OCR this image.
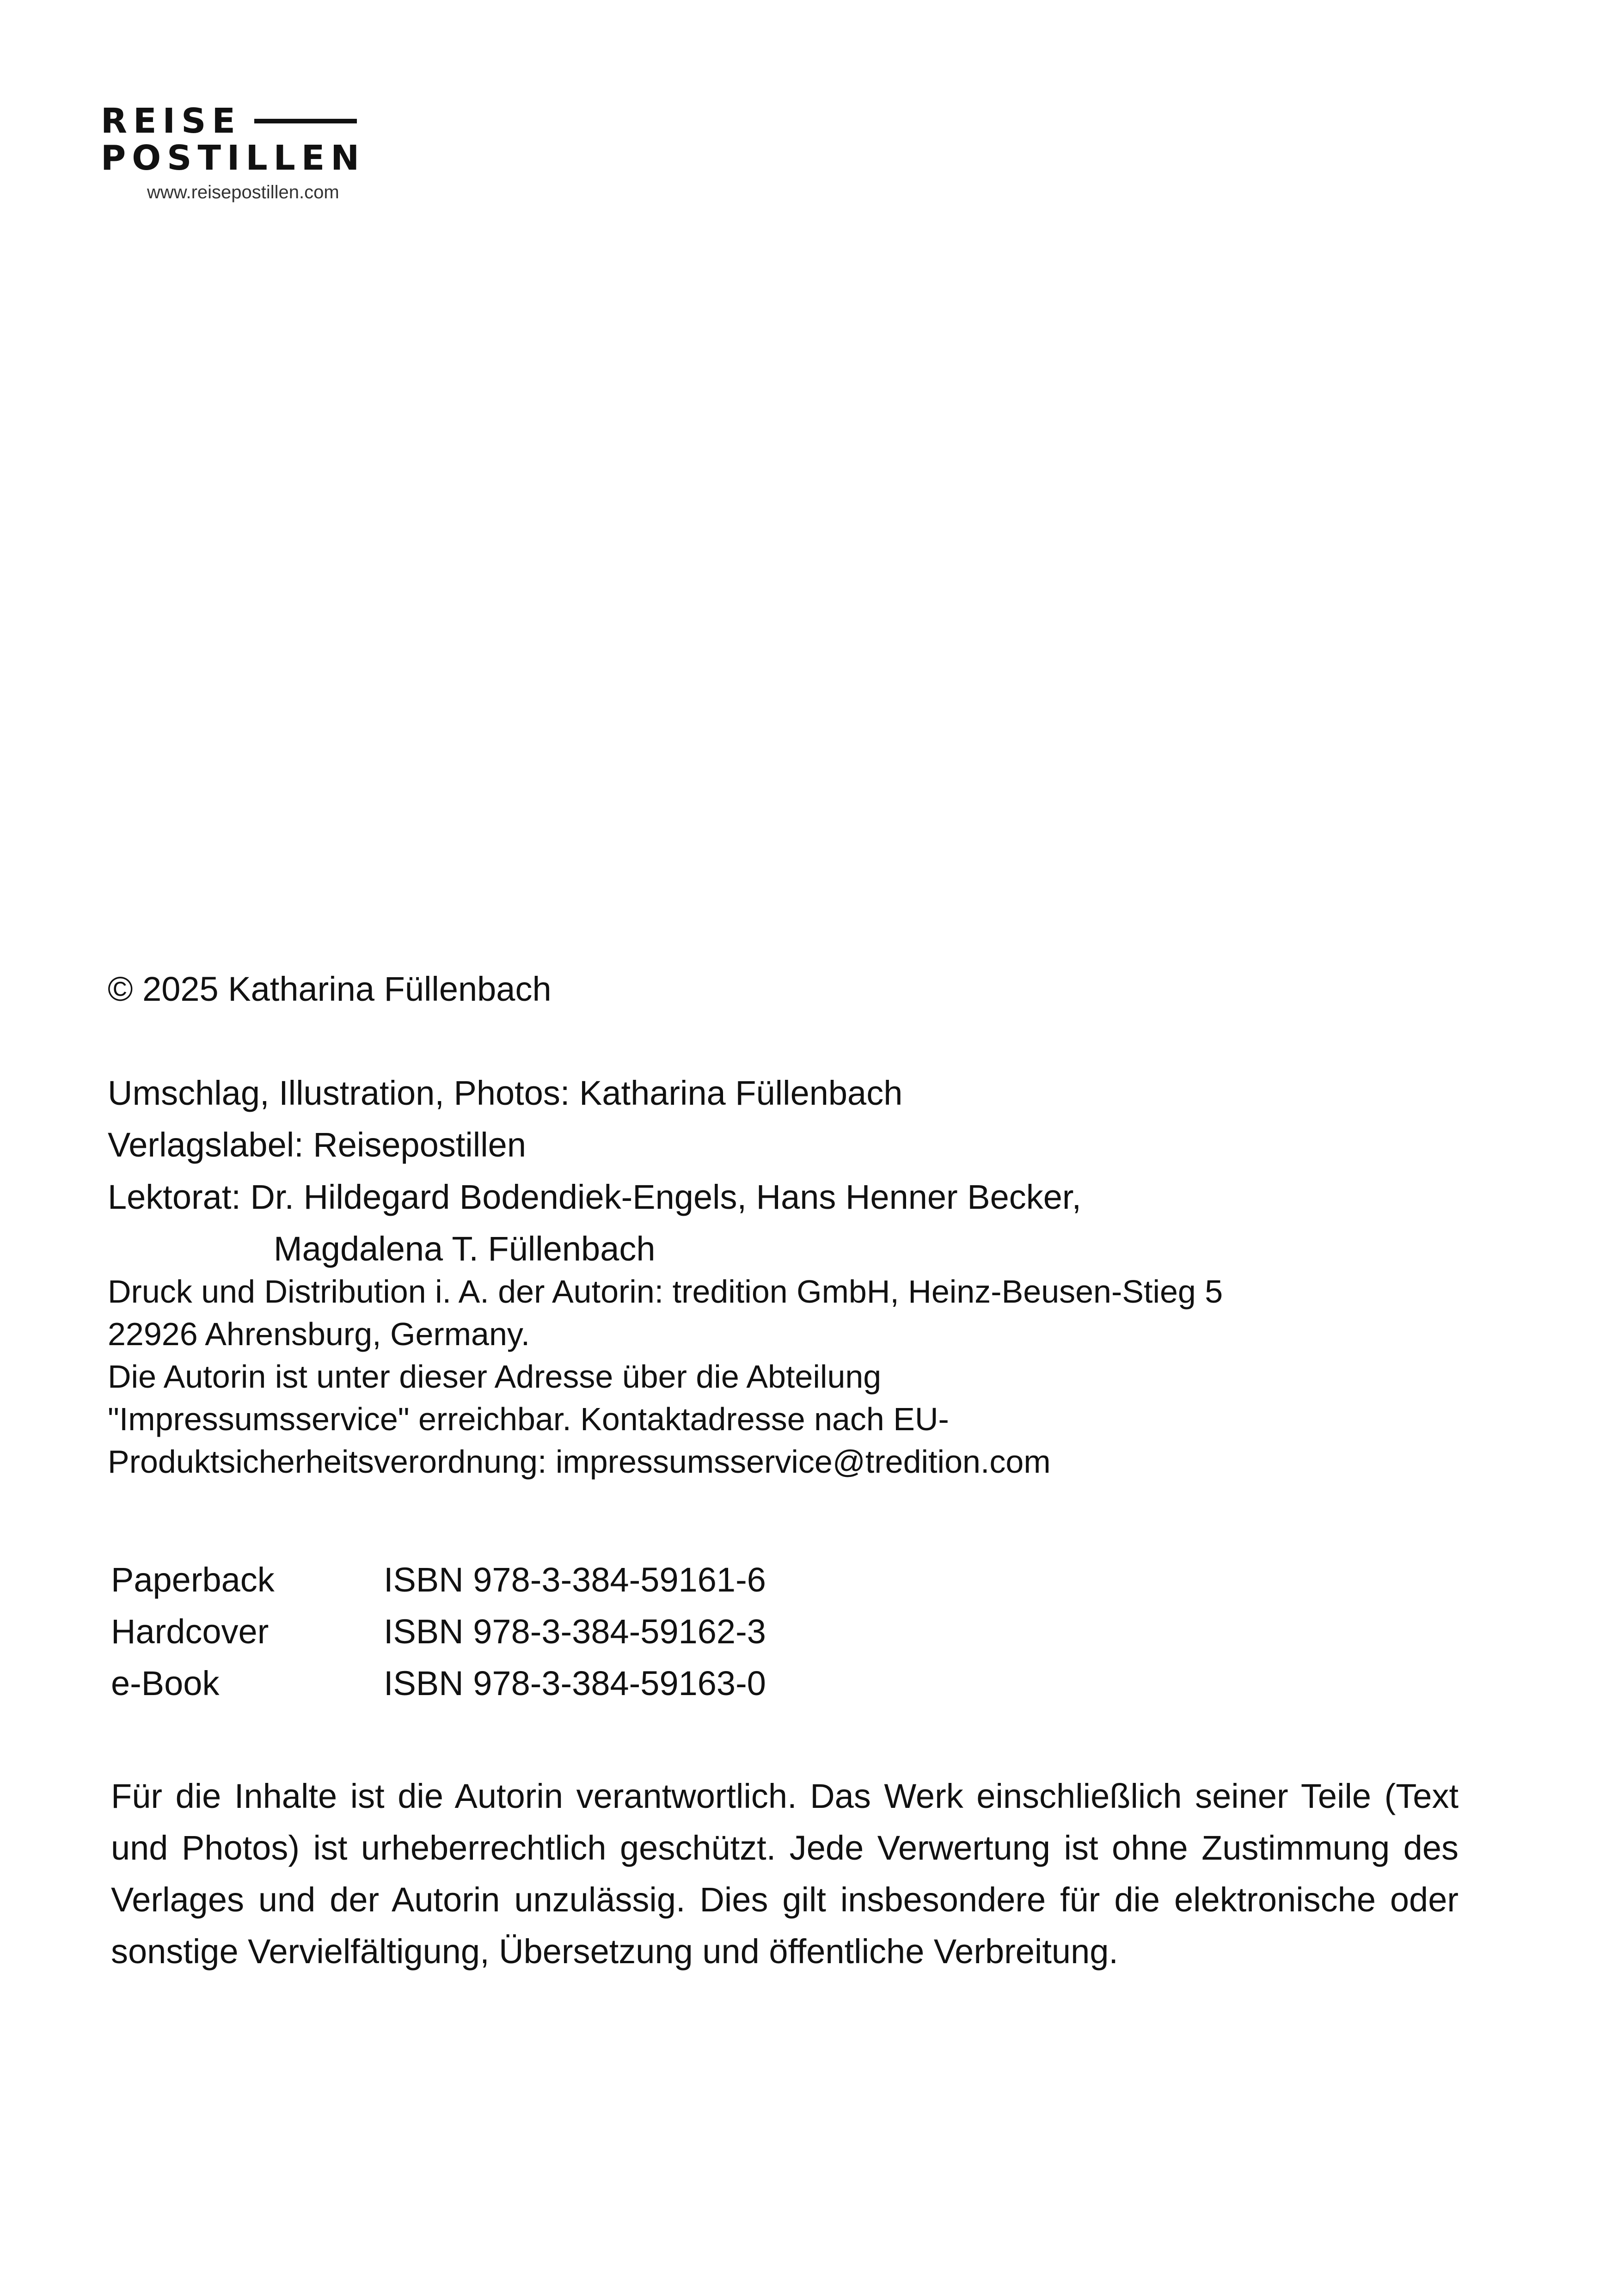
REISE
POSTILLEN
www.reisepostillen.com
© 2025 Katharina Füllenbach
Umschlag, Illustration, Photos: Katharina Füllenbach
Verlagslabel: Reisepostillen
Lektorat: Dr. Hildegard Bodendiek-Engels, Hans Henner Becker,
Magdalena T. Füllenbach
Druck und Distribution i. A. der Autorin: tredition GmbH, Heinz-Beusen-Stieg 5
22926 Ahrensburg, Germany.
Die Autorin ist unter dieser Adresse über die Abteilung
"Impressumsservice" erreichbar. Kontaktadresse nach EU-
Produktsicherheitsverordnung: impressumsservice@tredition.com
Paperback	ISBN 978-3-384-59161-6
Hardcover	ISBN 978-3-384-59162-3
e-Book	ISBN 978-3-384-59163-0
Für die Inhalte ist die Autorin verantwortlich. Das Werk einschließlich seiner Teile (Text und Photos) ist urheberrechtlich geschützt. Jede Verwertung ist ohne Zustimmung des Verlages und der Autorin unzulässig. Dies gilt insbesondere für die elektronische oder sonstige Vervielfältigung, Übersetzung und öffentliche Verbreitung.
